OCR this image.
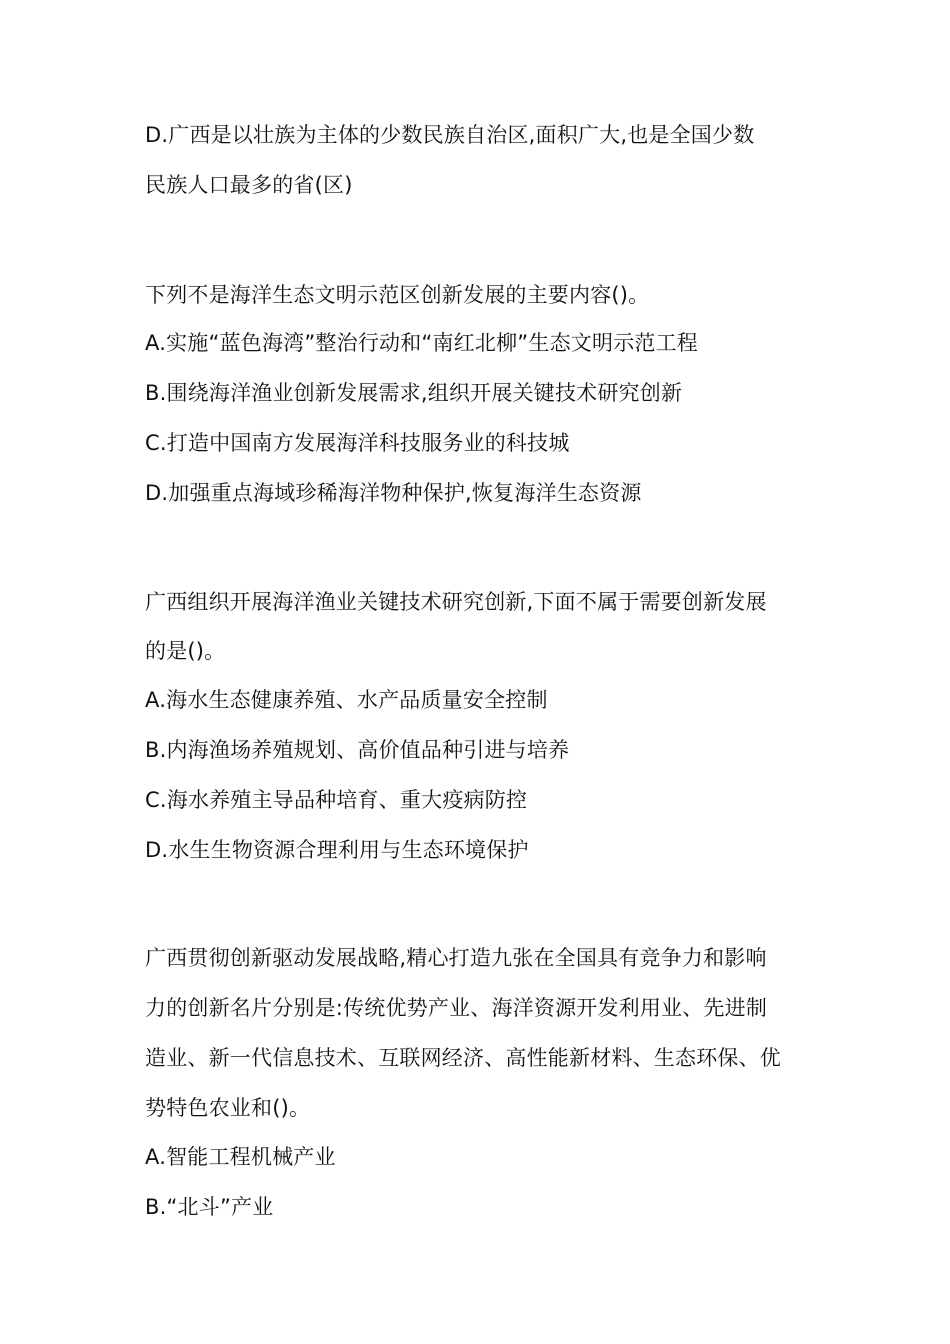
D.广西是以壮族为主体的少数民族自治区,面积广大,也是全国少数
民族人口最多的省(区)
下列不是海洋生态文明示范区创新发展的主要内容()。
A.实施“蓝色海湾”整治行动和“南红北柳”生态文明示范工程
B.围绕海洋渔业创新发展需求,组织开展关键技术研究创新
C.打造中国南方发展海洋科技服务业的科技城
D.加强重点海域珍稀海洋物种保护,恢复海洋生态资源
广西组织开展海洋渔业关键技术研究创新,下面不属于需要创新发展
的是()。
A.海水生态健康养殖、水产品质量安全控制
B.内海渔场养殖规划、高价值品种引进与培养
C.海水养殖主导品种培育、重大疫病防控
D.水生生物资源合理利用与生态环境保护
广西贯彻创新驱动发展战略,精心打造九张在全国具有竞争力和影响
力的创新名片分别是:传统优势产业、海洋资源开发利用业、先进制
造业、新一代信息技术、互联网经济、高性能新材料、生态环保、优
势特色农业和()。
A.智能工程机械产业
B.“北斗”产业
